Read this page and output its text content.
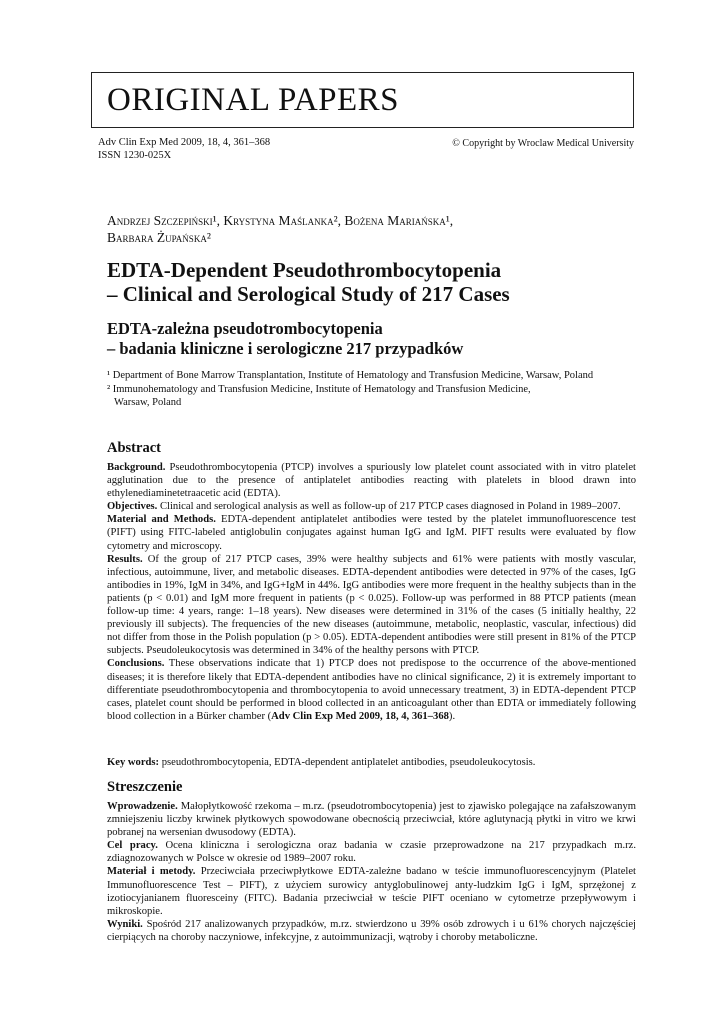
ORIGINAL PAPERS
Adv Clin Exp Med 2009, 18, 4, 361–368
ISSN 1230-025X
© Copyright by Wroclaw Medical University
Andrzej Szczepiński¹, Krystyna Maślanka², Bożena Mariańska¹,
Barbara Żupańska²
EDTA-Dependent Pseudothrombocytopenia
– Clinical and Serological Study of 217 Cases
EDTA-zależna pseudotrombocytopenia
– badania kliniczne i serologiczne 217 przypadków
¹ Department of Bone Marrow Transplantation, Institute of Hematology and Transfusion Medicine, Warsaw, Poland
² Immunohematology and Transfusion Medicine, Institute of Hematology and Transfusion Medicine,
Warsaw, Poland
Abstract

Background. Pseudothrombocytopenia (PTCP) involves a spuriously low platelet count associated with in vitro platelet agglutination due to the presence of antiplatelet antibodies reacting with platelets in blood drawn into ethylenediaminetetraacetic acid (EDTA).

Objectives. Clinical and serological analysis as well as follow-up of 217 PTCP cases diagnosed in Poland in 1989–2007.

Material and Methods. EDTA-dependent antiplatelet antibodies were tested by the platelet immunofluorescence test (PIFT) using FITC-labeled antiglobulin conjugates against human IgG and IgM. PIFT results were evaluated by flow cytometry and microscopy.

Results. Of the group of 217 PTCP cases, 39% were healthy subjects and 61% were patients with mostly vascular, infectious, autoimmune, liver, and metabolic diseases. EDTA-dependent antibodies were detected in 97% of the cases, IgG antibodies in 19%, IgM in 34%, and IgG+IgM in 44%. IgG antibodies were more frequent in the healthy subjects than in the patients (p < 0.01) and IgM more frequent in patients (p < 0.025). Follow-up was performed in 88 PTCP patients (mean follow-up time: 4 years, range: 1–18 years). New diseases were determined in 31% of the cases (5 initially healthy, 22 previously ill subjects). The frequencies of the new diseases (autoimmune, metabolic, neoplastic, vascular, infectious) did not differ from those in the Polish population (p > 0.05). EDTA-dependent antibodies were still present in 81% of the PTCP subjects. Pseudoleukocytosis was determined in 34% of the healthy persons with PTCP.

Conclusions. These observations indicate that 1) PTCP does not predispose to the occurrence of the above-mentioned diseases; it is therefore likely that EDTA-dependent antibodies have no clinical significance, 2) it is extremely important to differentiate pseudothrombocytopenia and thrombocytopenia to avoid unnecessary treatment, 3) in EDTA-dependent PTCP cases, platelet count should be performed in blood collected in an anticoagulant other than EDTA or immediately following blood collection in a Bürker chamber (Adv Clin Exp Med 2009, 18, 4, 361–368).

Key words: pseudothrombocytopenia, EDTA-dependent antiplatelet antibodies, pseudoleukocytosis.
Streszczenie

Wprowadzenie. Małopłytkowość rzekoma – m.rz. (pseudotrombocytopenia) jest to zjawisko polegające na zafałszowanym zmniejszeniu liczby krwinek płytkowych spowodowane obecnością przeciwciał, które aglutynacją płytki in vitro we krwi pobranej na wersenian dwusodowy (EDTA).

Cel pracy. Ocena kliniczna i serologiczna oraz badania w czasie przeprowadzone na 217 przypadkach m.rz. zdiagnozowanych w Polsce w okresie od 1989–2007 roku.

Materiał i metody. Przeciwciała przeciwpłytkowe EDTA-zależne badano w teście immunofluorescencyjnym (Platelet Immunofluorescence Test – PIFT), z użyciem surowicy antyglobulinowej anty-ludzkim IgG i IgM, sprzężonej z izotiocyjanianem fluoresceiny (FITC). Badania przeciwciał w teście PIFT oceniano w cytometrze przepływowym i mikroskopie.

Wyniki. Spośród 217 analizowanych przypadków, m.rz. stwierdzono u 39% osób zdrowych i u 61% chorych najczęściej cierpiących na choroby naczyniowe, infekcyjne, z autoimmunizacji, wątroby i choroby metaboliczne.
